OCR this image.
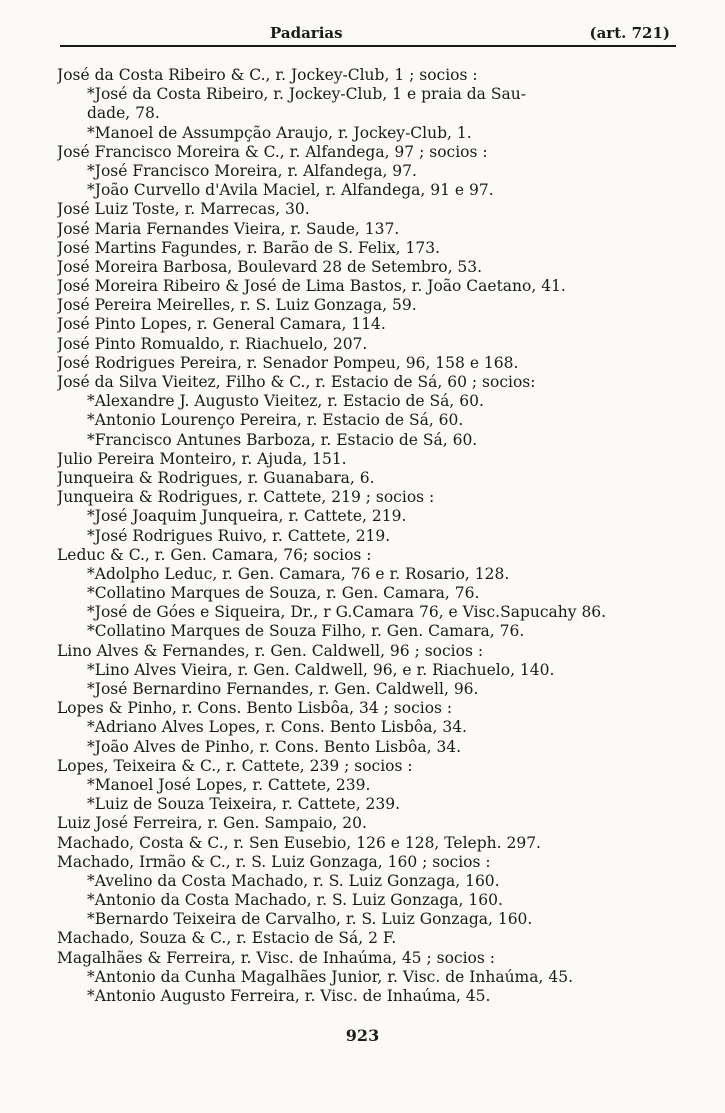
Padarias	(art. 721)
José da Costa Ribeiro & C., r. Jockey-Club, 1 ; socios :
*José da Costa Ribeiro, r. Jockey-Club, 1 e praia da Sau-
dade, 78.
*Manoel de Assumpção Araujo, r. Jockey-Club, 1.
José Francisco Moreira & C., r. Alfandega, 97 ; socios :
*José Francisco Moreira, r. Alfandega, 97.
*João Curvello d'Avila Maciel, r. Alfandega, 91 e 97.
José Luiz Toste, r. Marrecas, 30.
José Maria Fernandes Vieira, r. Saude, 137.
José Martins Fagundes, r. Barão de S. Felix, 173.
José Moreira Barbosa, Boulevard 28 de Setembro, 53.
José Moreira Ribeiro & José de Lima Bastos, r. João Caetano, 41.
José Pereira Meirelles, r. S. Luiz Gonzaga, 59.
José Pinto Lopes, r. General Camara, 114.
José Pinto Romualdo, r. Riachuelo, 207.
José Rodrigues Pereira, r. Senador Pompeu, 96, 158 e 168.
José da Silva Vieitez, Filho & C., r. Estacio de Sá, 60 ; socios:
*Alexandre J. Augusto Vieitez, r. Estacio de Sá, 60.
*Antonio Lourenço Pereira, r. Estacio de Sá, 60.
*Francisco Antunes Barboza, r. Estacio de Sá, 60.
Julio Pereira Monteiro, r. Ajuda, 151.
Junqueira & Rodrigues, r. Guanabara, 6.
Junqueira & Rodrigues, r. Cattete, 219 ; socios :
*José Joaquim Junqueira, r. Cattete, 219.
*José Rodrigues Ruivo, r. Cattete, 219.
Leduc & C., r. Gen. Camara, 76; socios :
*Adolpho Leduc, r. Gen. Camara, 76 e r. Rosario, 128.
*Collatino Marques de Souza, r. Gen. Camara, 76.
*José de Góes e Siqueira, Dr., r G.Camara 76, e Visc.Sapucahy 86.
*Collatino Marques de Souza Filho, r. Gen. Camara, 76.
Lino Alves & Fernandes, r. Gen. Caldwell, 96 ; socios :
*Lino Alves Vieira, r. Gen. Caldwell, 96, e r. Riachuelo, 140.
*José Bernardino Fernandes, r. Gen. Caldwell, 96.
Lopes & Pinho, r. Cons. Bento Lisbôa, 34 ; socios :
*Adriano Alves Lopes, r. Cons. Bento Lisbôa, 34.
*João Alves de Pinho, r. Cons. Bento Lisbôa, 34.
Lopes, Teixeira & C., r. Cattete, 239 ; socios :
*Manoel José Lopes, r. Cattete, 239.
*Luiz de Souza Teixeira, r. Cattete, 239.
Luiz José Ferreira, r. Gen. Sampaio, 20.
Machado, Costa & C., r. Sen Eusebio, 126 e 128, Teleph. 297.
Machado, Irmão & C., r. S. Luiz Gonzaga, 160 ; socios :
*Avelino da Costa Machado, r. S. Luiz Gonzaga, 160.
*Antonio da Costa Machado, r. S. Luiz Gonzaga, 160.
*Bernardo Teixeira de Carvalho, r. S. Luiz Gonzaga, 160.
Machado, Souza & C., r. Estacio de Sá, 2 F.
Magalhães & Ferreira, r. Visc. de Inhaúma, 45 ; socios :
*Antonio da Cunha Magalhães Junior, r. Visc. de Inhaúma, 45.
*Antonio Augusto Ferreira, r. Visc. de Inhaúma, 45.
923
